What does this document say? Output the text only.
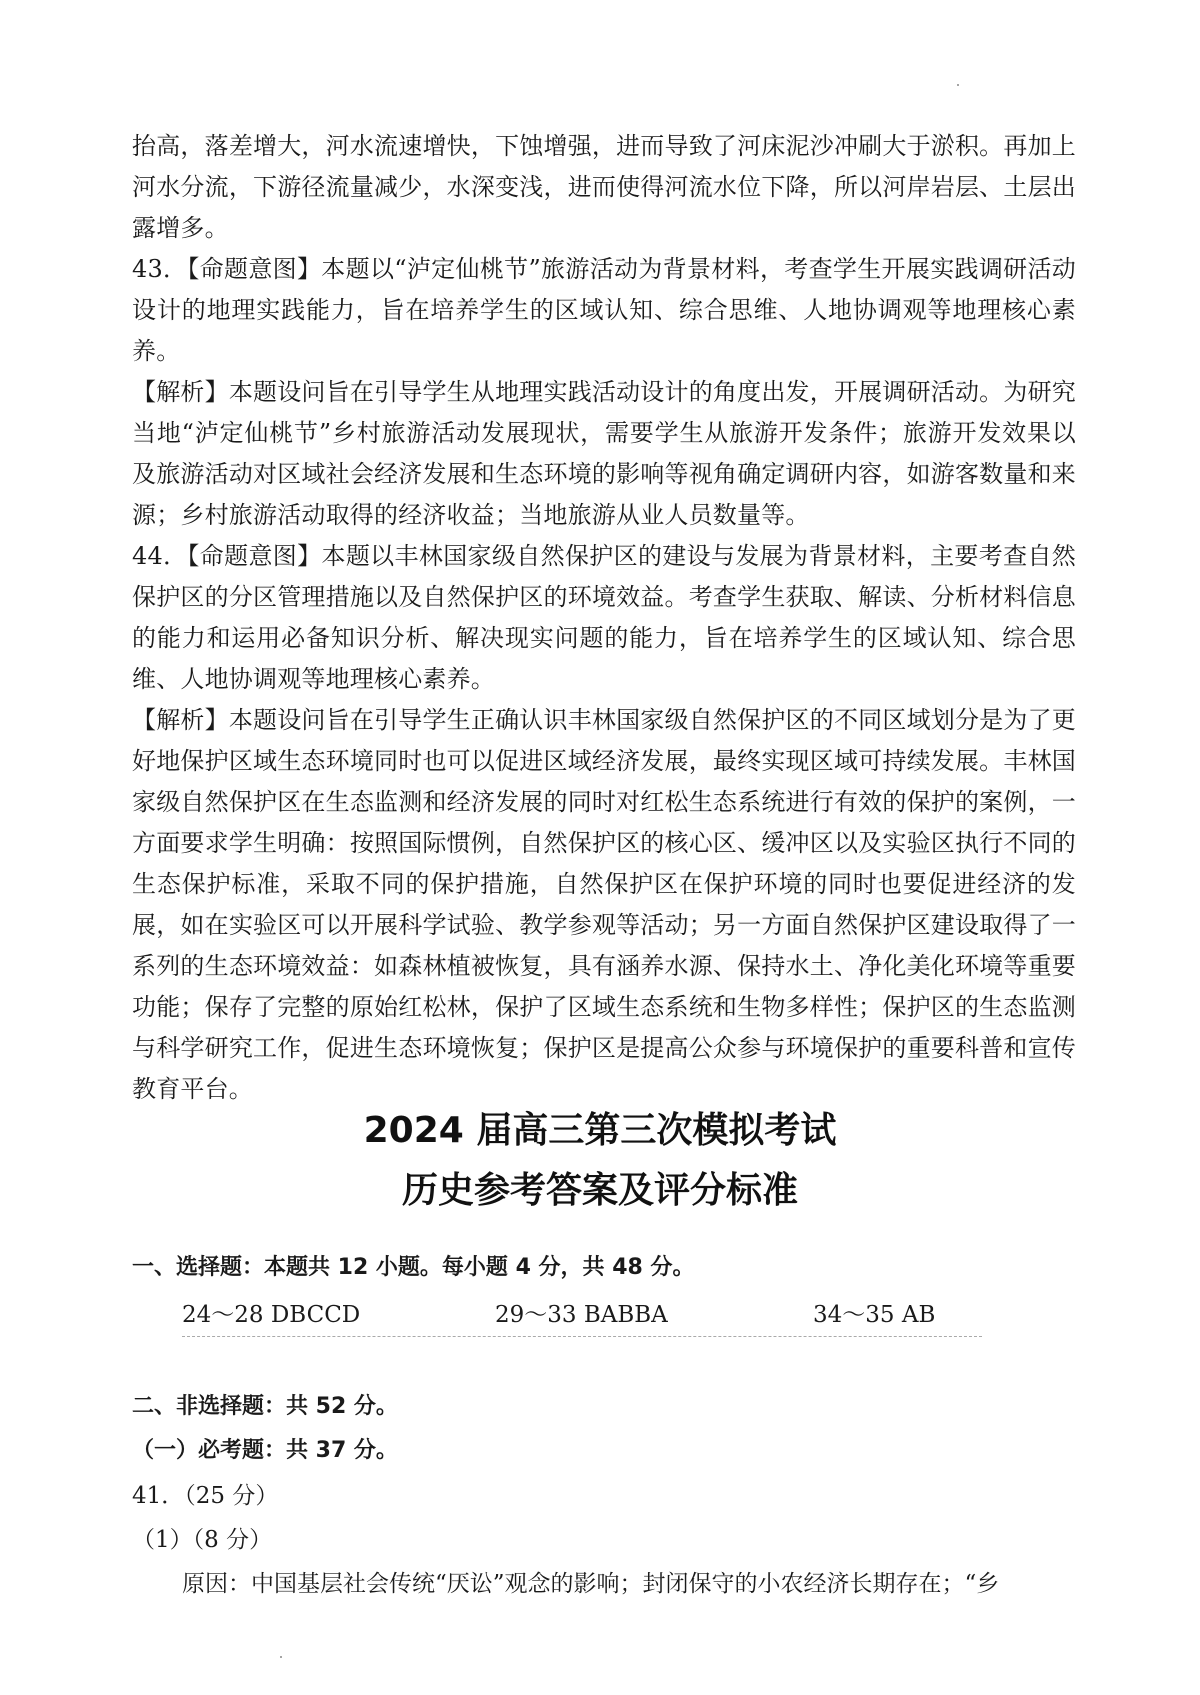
抬高，落差增大，河水流速增快，下蚀增强，进而导致了河床泥沙冲刷大于淤积。再加上河水分流，下游径流量减少，水深变浅，进而使得河流水位下降，所以河岸岩层、土层出露增多。

43．【命题意图】本题以“泸定仙桃节”旅游活动为背景材料，考查学生开展实践调研活动设计的地理实践能力，旨在培养学生的区域认知、综合思维、人地协调观等地理核心素养。

【解析】本题设问旨在引导学生从地理实践活动设计的角度出发，开展调研活动。为研究当地“泸定仙桃节”乡村旅游活动发展现状，需要学生从旅游开发条件；旅游开发效果以及旅游活动对区域社会经济发展和生态环境的影响等视角确定调研内容，如游客数量和来源；乡村旅游活动取得的经济收益；当地旅游从业人员数量等。

44．【命题意图】本题以丰林国家级自然保护区的建设与发展为背景材料，主要考查自然保护区的分区管理措施以及自然保护区的环境效益。考查学生获取、解读、分析材料信息的能力和运用必备知识分析、解决现实问题的能力，旨在培养学生的区域认知、综合思维、人地协调观等地理核心素养。

【解析】本题设问旨在引导学生正确认识丰林国家级自然保护区的不同区域划分是为了更好地保护区域生态环境同时也可以促进区域经济发展，最终实现区域可持续发展。丰林国家级自然保护区在生态监测和经济发展的同时对红松生态系统进行有效的保护的案例，一方面要求学生明确：按照国际惯例，自然保护区的核心区、缓冲区以及实验区执行不同的生态保护标准，采取不同的保护措施，自然保护区在保护环境的同时也要促进经济的发展，如在实验区可以开展科学试验、教学参观等活动；另一方面自然保护区建设取得了一系列的生态环境效益：如森林植被恢复，具有涵养水源、保持水土、净化美化环境等重要功能；保存了完整的原始红松林，保护了区域生态系统和生物多样性；保护区的生态监测与科学研究工作，促进生态环境恢复；保护区是提高公众参与环境保护的重要科普和宣传教育平台。

2024 届高三第三次模拟考试
历史参考答案及评分标准
一、选择题：本题共 12 小题。每小题 4 分，共 48 分。
24～28 DBCCD	29～33 BABBA	34～35 AB
二、非选择题：共 52 分。
（一）必考题：共 37 分。
41．（25 分）
（1）（8 分）
原因：中国基层社会传统“厌讼”观念的影响；封闭保守的小农经济长期存在；“乡
